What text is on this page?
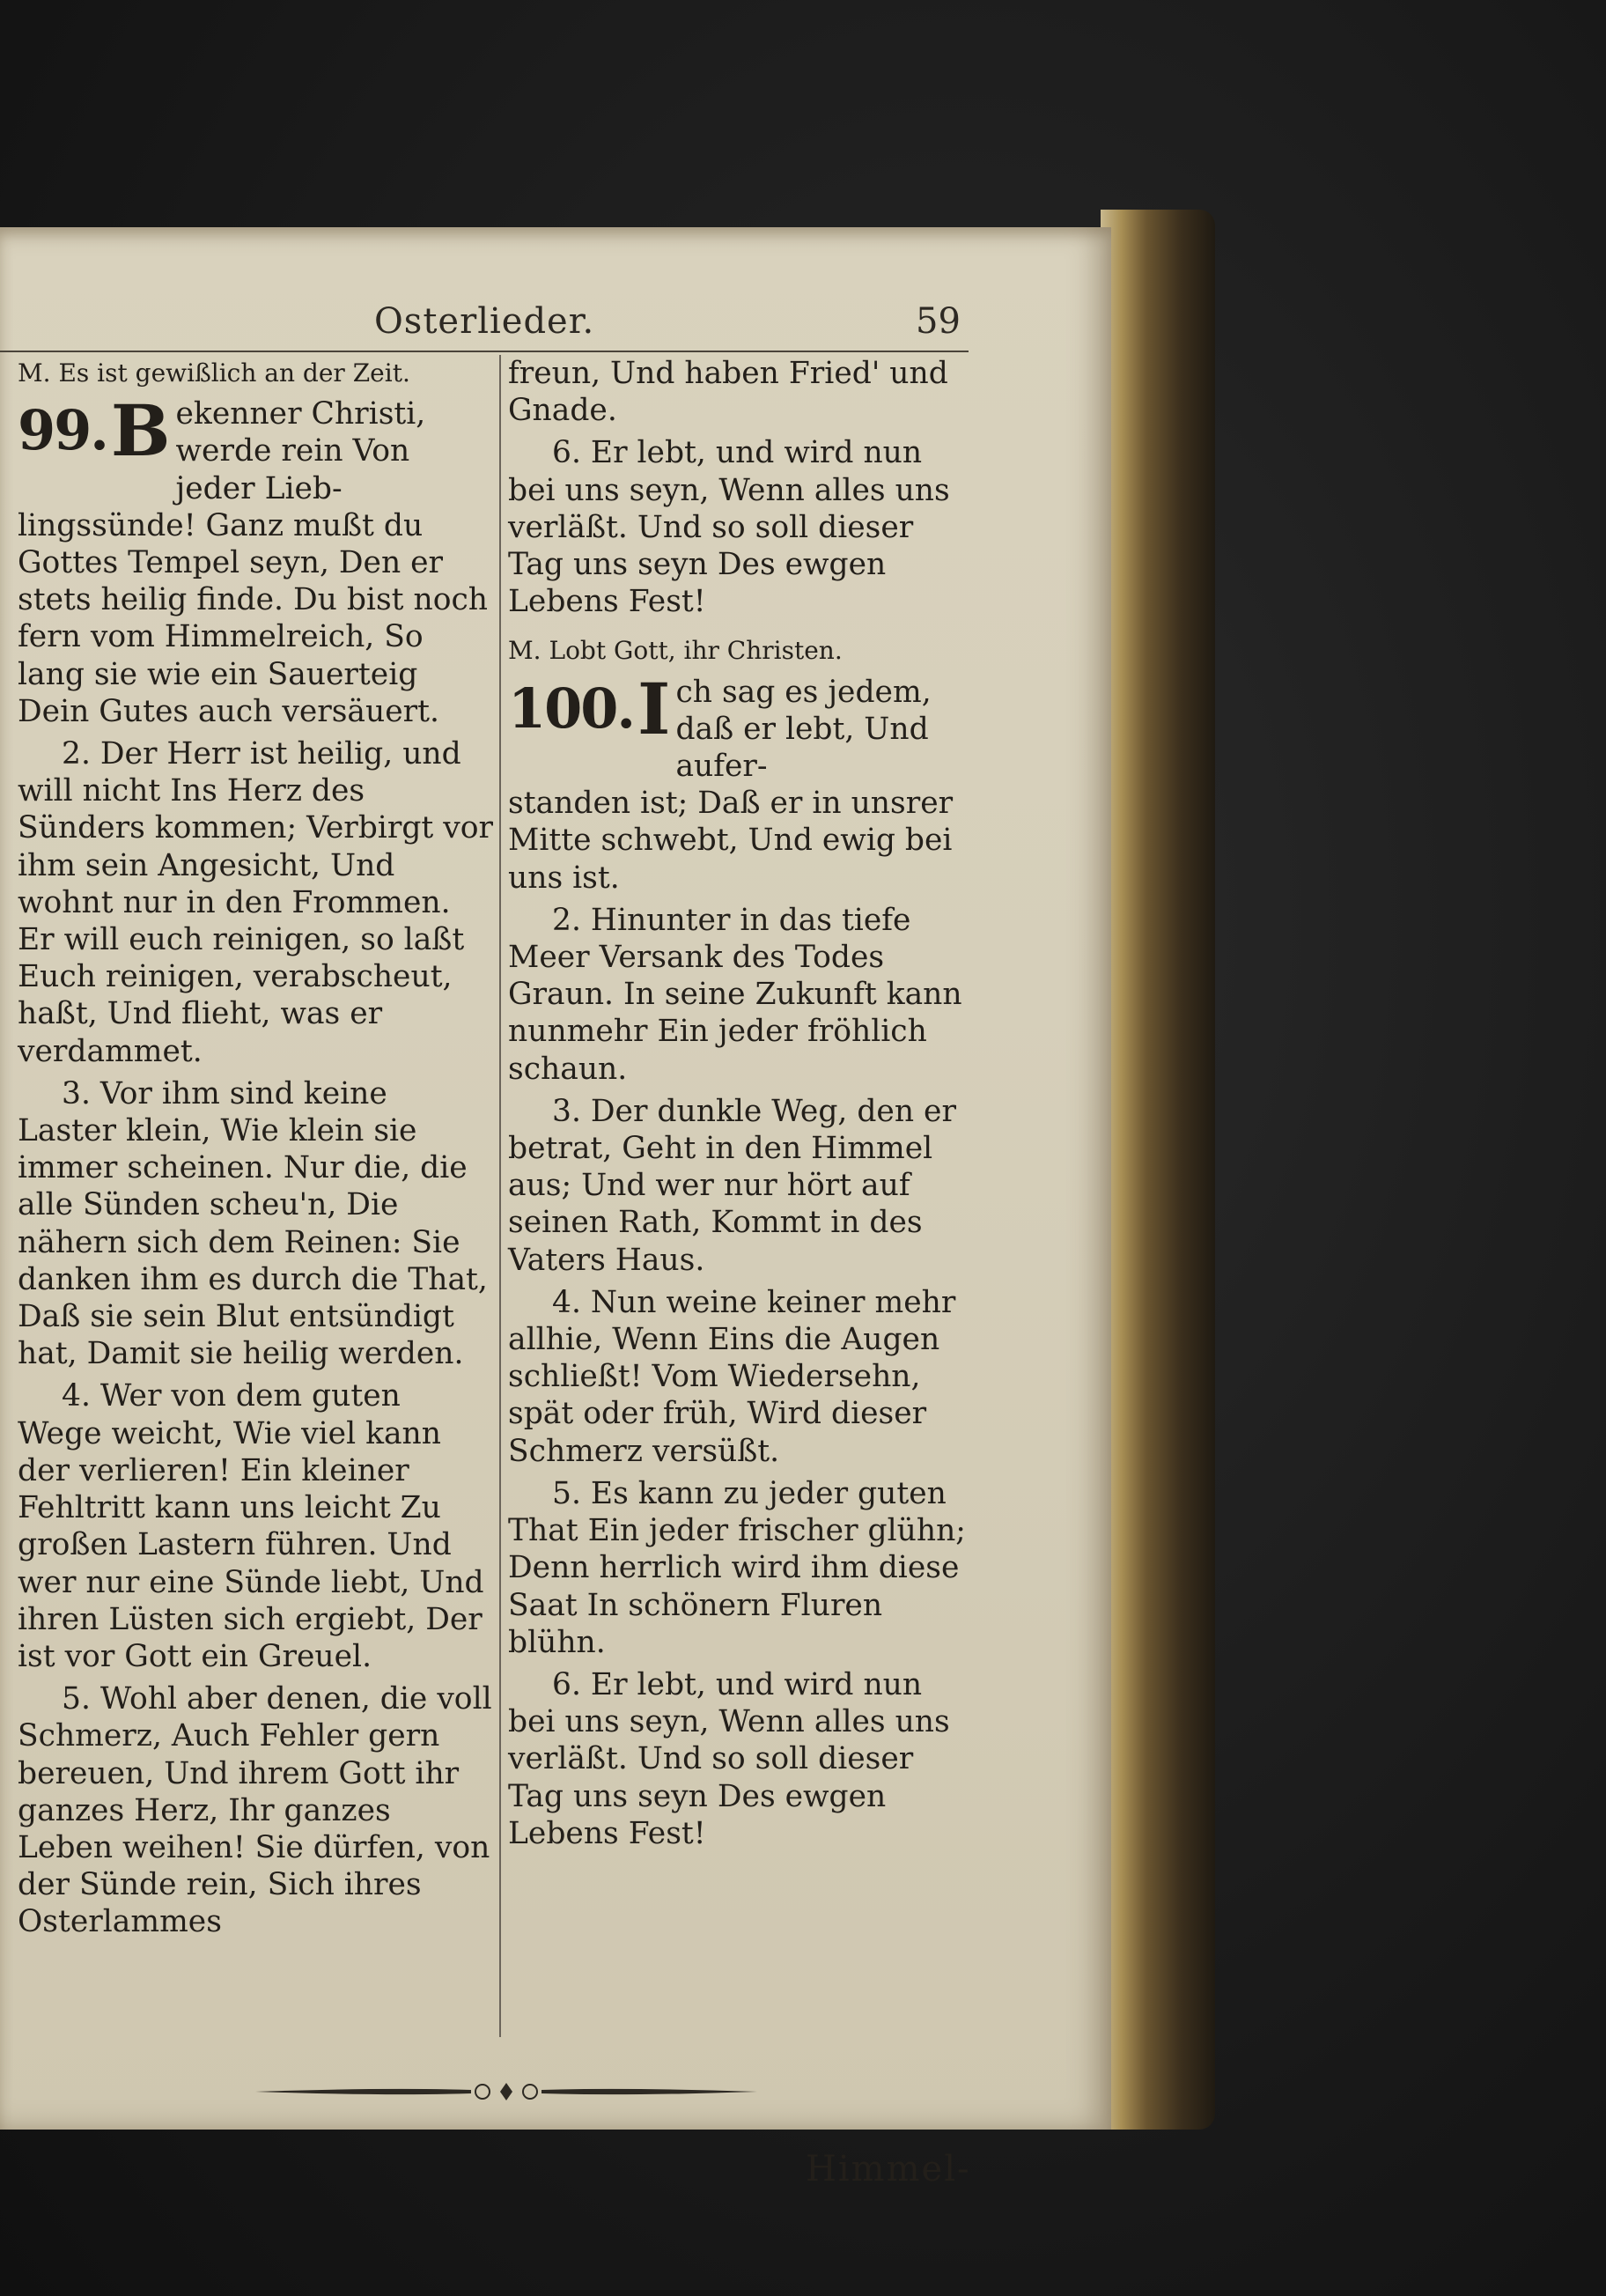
Osterlieder.	59

M. Es ist gewißlich an der Zeit.

99. B ekenner Christi, werde rein Von jeder Lieb-

lingssünde! Ganz mußt du Gottes Tempel seyn, Den er stets heilig finde. Du bist noch fern vom Himmelreich, So lang sie wie ein Sauerteig Dein Gutes auch versäuert.

2. Der Herr ist heilig, und will nicht Ins Herz des Sünders kommen; Verbirgt vor ihm sein Angesicht, Und wohnt nur in den Frommen. Er will euch reinigen, so laßt Euch reinigen, verabscheut, haßt, Und flieht, was er verdammet.

3. Vor ihm sind keine Laster klein, Wie klein sie immer scheinen. Nur die, die alle Sünden scheu'n, Die nähern sich dem Reinen: Sie danken ihm es durch die That, Daß sie sein Blut entsündigt hat, Damit sie heilig werden.

4. Wer von dem guten Wege weicht, Wie viel kann der verlieren! Ein kleiner Fehltritt kann uns leicht Zu großen Lastern führen. Und wer nur eine Sünde liebt, Und ihren Lüsten sich ergiebt, Der ist vor Gott ein Greuel.

5. Wohl aber denen, die voll Schmerz, Auch Fehler gern bereuen, Und ihrem Gott ihr ganzes Herz, Ihr ganzes Leben weihen! Sie dürfen, von der Sünde rein, Sich ihres Osterlammes

freun, Und haben Fried' und Gnade.

6. Er lebt, und wird nun bei uns seyn, Wenn alles uns verläßt. Und so soll dieser Tag uns seyn Des ewgen Lebens Fest!

M. Lobt Gott, ihr Christen.

100. I ch sag es jedem, daß er lebt, Und aufer-

standen ist; Daß er in unsrer Mitte schwebt, Und ewig bei uns ist.

2. Hinunter in das tiefe Meer Versank des Todes Graun. In seine Zukunft kann nunmehr Ein jeder fröhlich schaun.

3. Der dunkle Weg, den er betrat, Geht in den Himmel aus; Und wer nur hört auf seinen Rath, Kommt in des Vaters Haus.

4. Nun weine keiner mehr allhie, Wenn Eins die Augen schließt! Vom Wiedersehn, spät oder früh, Wird dieser Schmerz versüßt.

5. Es kann zu jeder guten That Ein jeder frischer glühn; Denn herrlich wird ihm diese Saat In schönern Fluren blühn.

6. Er lebt, und wird nun bei uns seyn, Wenn alles uns verläßt. Und so soll dieser Tag uns seyn Des ewgen Lebens Fest!

Himmel-
